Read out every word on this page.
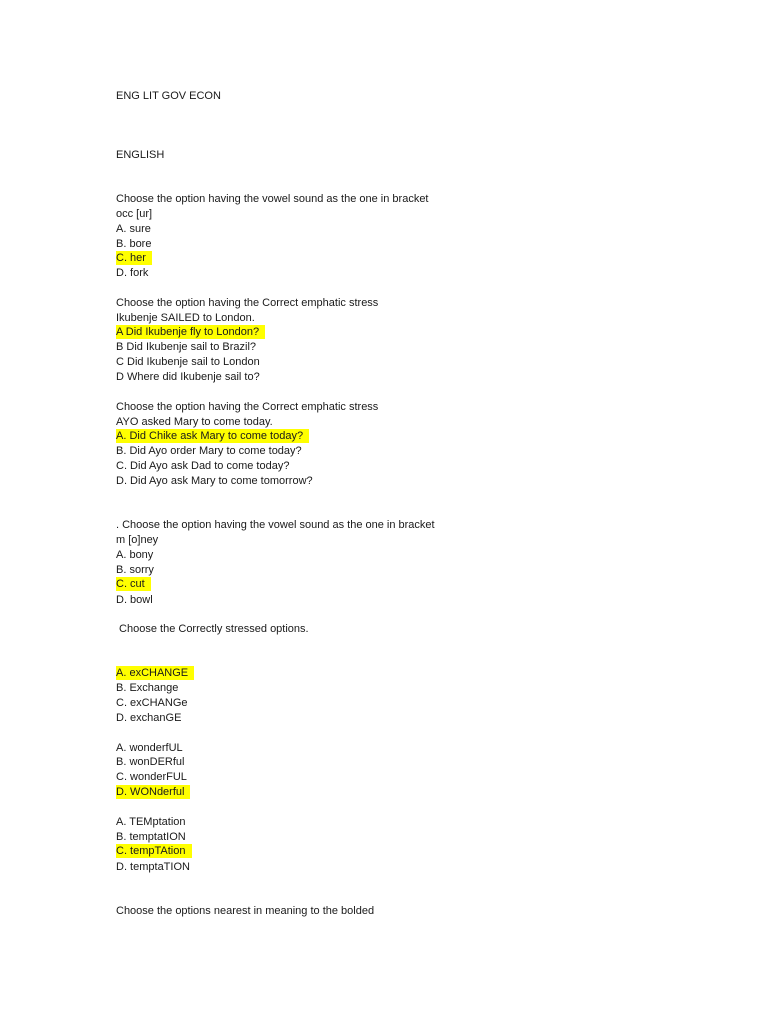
ENG LIT GOV ECON
ENGLISH
Choose the option having the vowel sound as the one in bracket
occ [ur]
A. sure
B. bore
C. her
D. fork
Choose the option having the Correct emphatic stress
Ikubenje SAILED to London.
A Did Ikubenje fly to London?
B Did Ikubenje sail to Brazil?
C Did Ikubenje sail to London
D Where did Ikubenje sail to?
Choose the option having the Correct emphatic stress
AYO asked Mary to come today.
A. Did Chike ask Mary to come today?
B. Did Ayo order Mary to come today?
C. Did Ayo ask Dad to come today?
D. Did Ayo ask Mary to come tomorrow?
. Choose the option having the vowel sound as the one in bracket
m [o]ney
A. bony
B. sorry
C. cut
D. bowl
Choose the Correctly stressed options.
A. exCHANGE
B. Exchange
C. exCHANGe
D. exchanGE
A. wonderfUL
B. wonDERful
C. wonderFUL
D. WONderful
A. TEMptation
B. temptatION
C. tempTAtion
D. temptaTION
Choose the options nearest in meaning to the bolded
